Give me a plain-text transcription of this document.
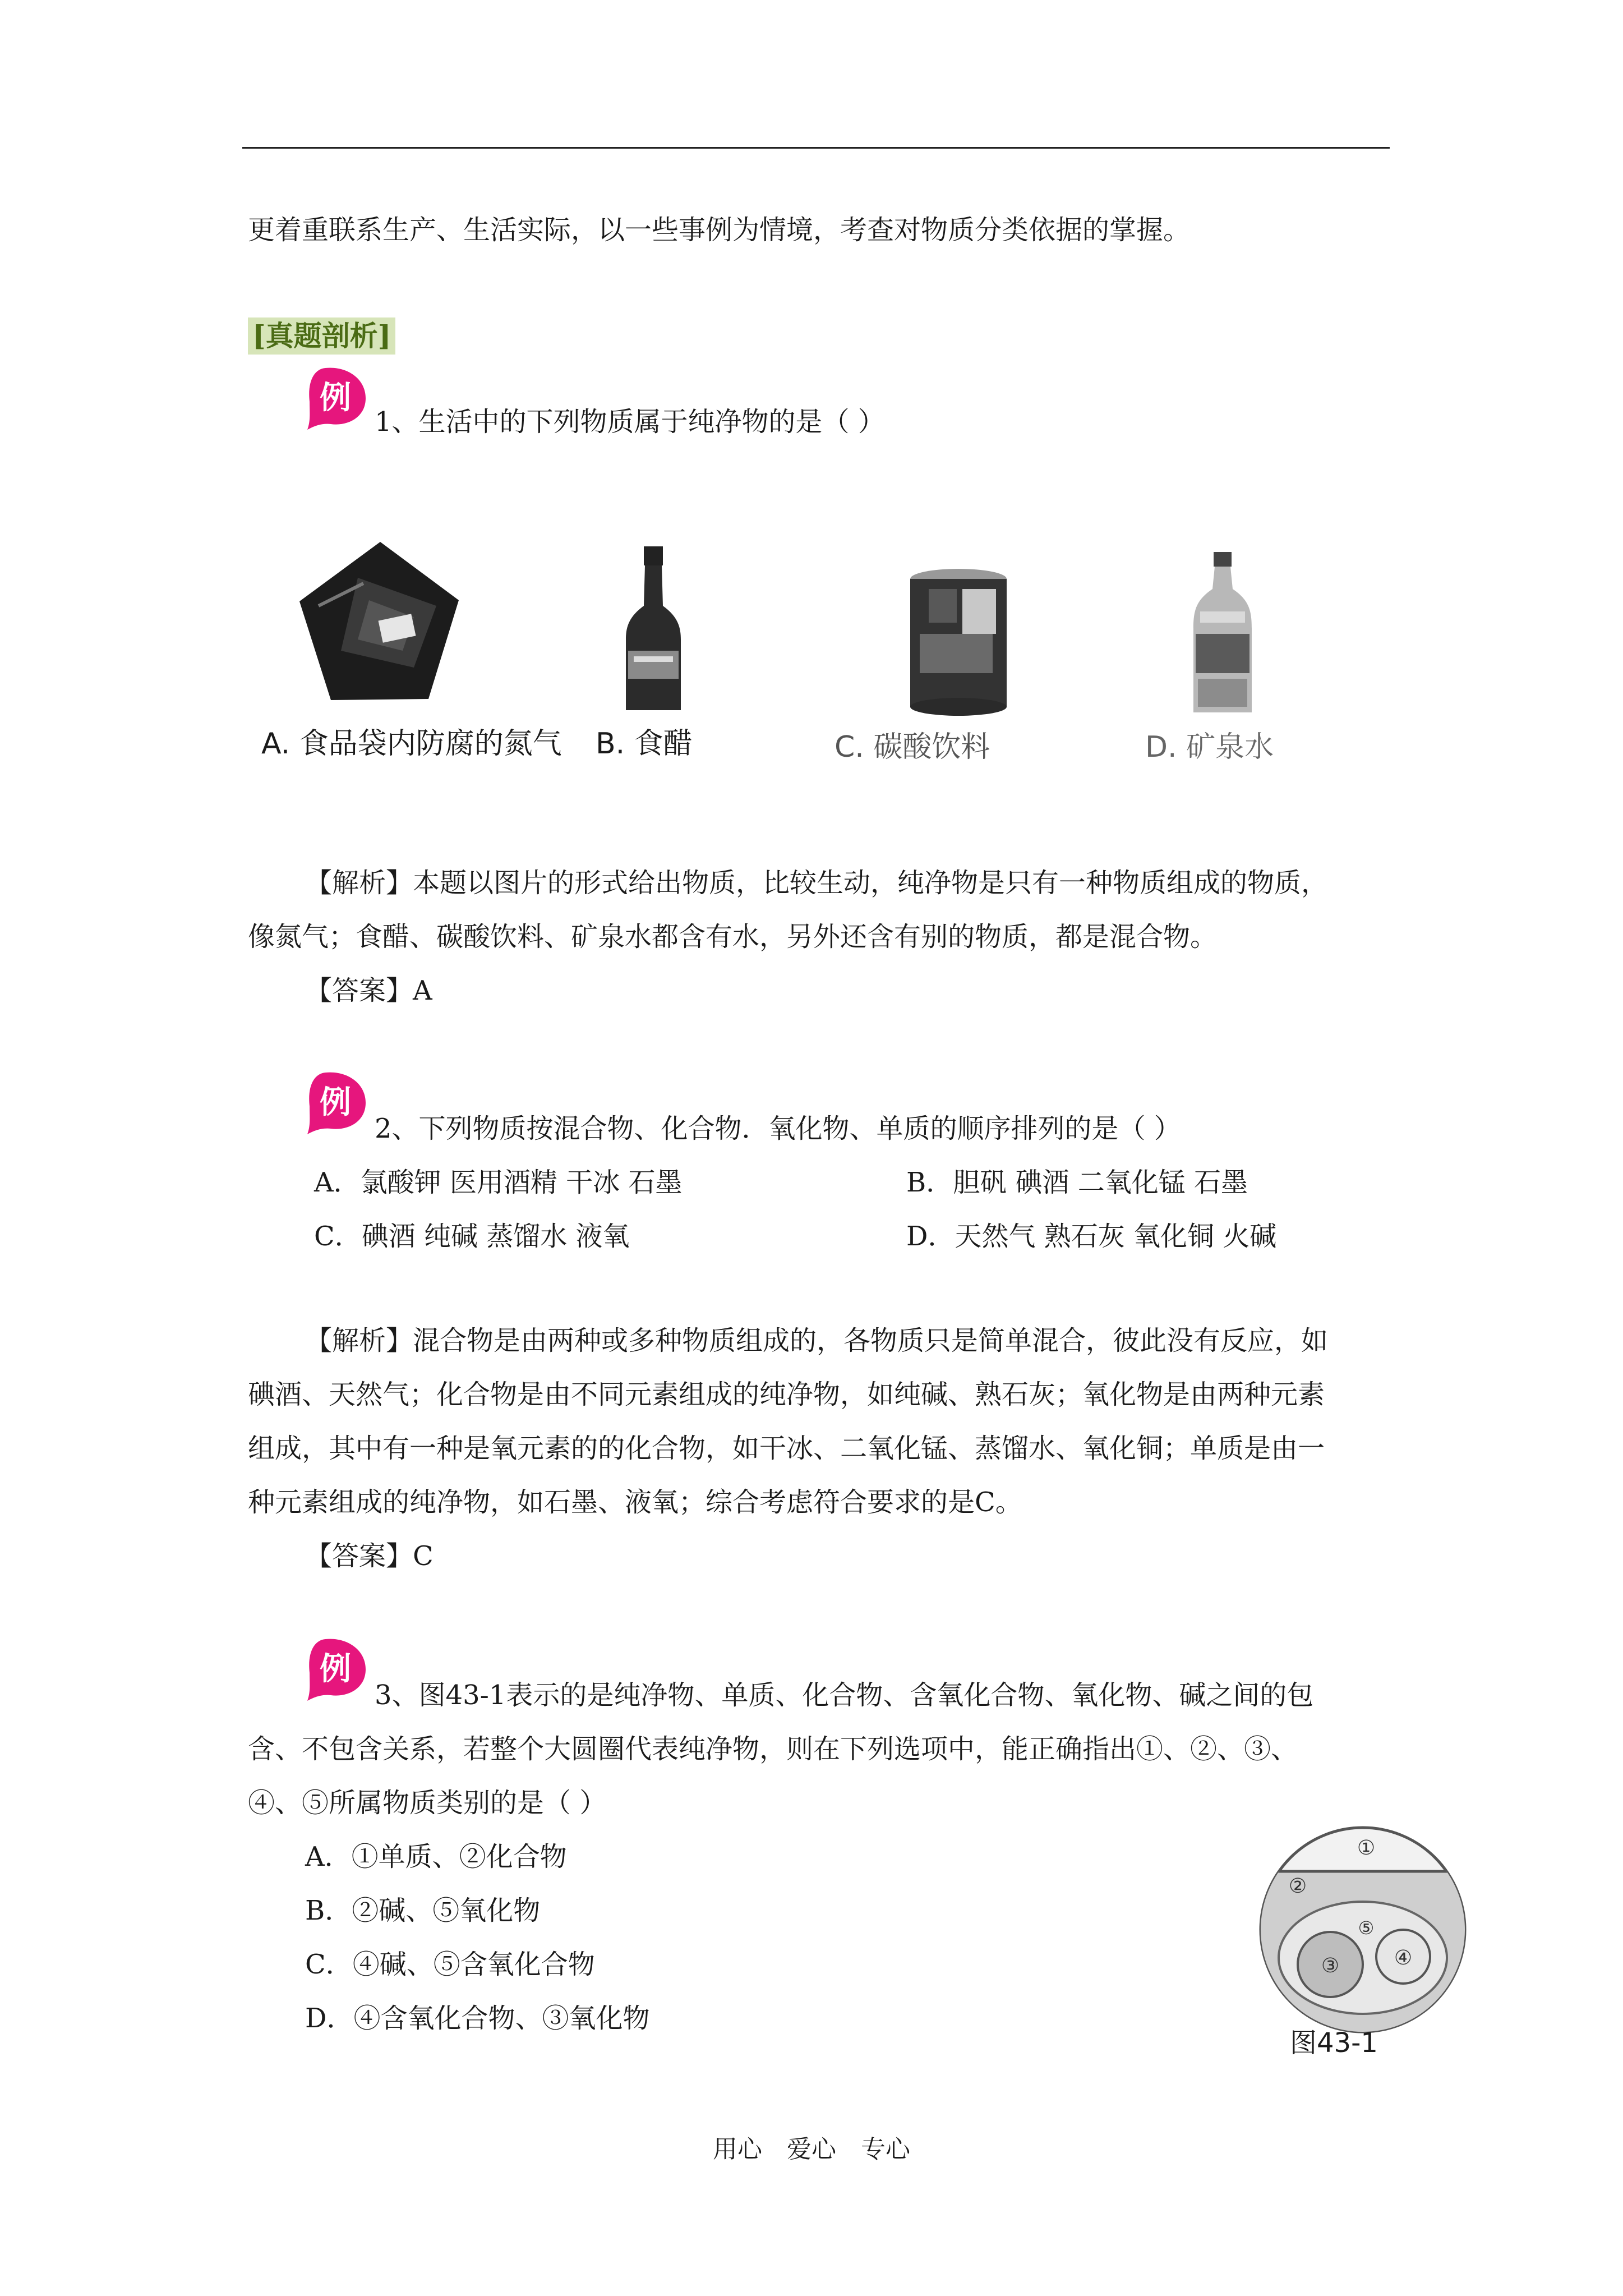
更着重联系生产、生活实际，以一些事例为情境，考查对物质分类依据的掌握。
[真题剖析]
例
1、生活中的下列物质属于纯净物的是（ ）
A. 食品袋内防腐的氮气 B. 食醋	C. 碳酸饮料	D. 矿泉水
【解析】本题以图片的形式给出物质，比较生动，纯净物是只有一种物质组成的物质，
像氮气；食醋、碳酸饮料、矿泉水都含有水，另外还含有别的物质，都是混合物。
【答案】A
例
2、下列物质按混合物、化合物．氧化物、单质的顺序排列的是（ ）
A．氯酸钾 医用酒精 干冰 石墨	B．胆矾 碘酒 二氧化锰 石墨
C．碘酒 纯碱 蒸馏水 液氧	D．天然气 熟石灰 氧化铜 火碱
【解析】混合物是由两种或多种物质组成的，各物质只是简单混合，彼此没有反应，如
碘酒、天然气；化合物是由不同元素组成的纯净物，如纯碱、熟石灰；氧化物是由两种元素
组成，其中有一种是氧元素的的化合物，如干冰、二氧化锰、蒸馏水、氧化铜；单质是由一
种元素组成的纯净物，如石墨、液氧；综合考虑符合要求的是C。
【答案】C
例
3、图43-1表示的是纯净物、单质、化合物、含氧化合物、氧化物、碱之间的包
含、不包含关系，若整个大圆圈代表纯净物，则在下列选项中，能正确指出①、②、③、
④、⑤所属物质类别的是（ ）
A．①单质、②化合物
B．②碱、⑤氧化物
C．④碱、⑤含氧化合物
D．④含氧化合物、③氧化物
①
②
③	④
⑤
图43-1
用心 爱心 专心
